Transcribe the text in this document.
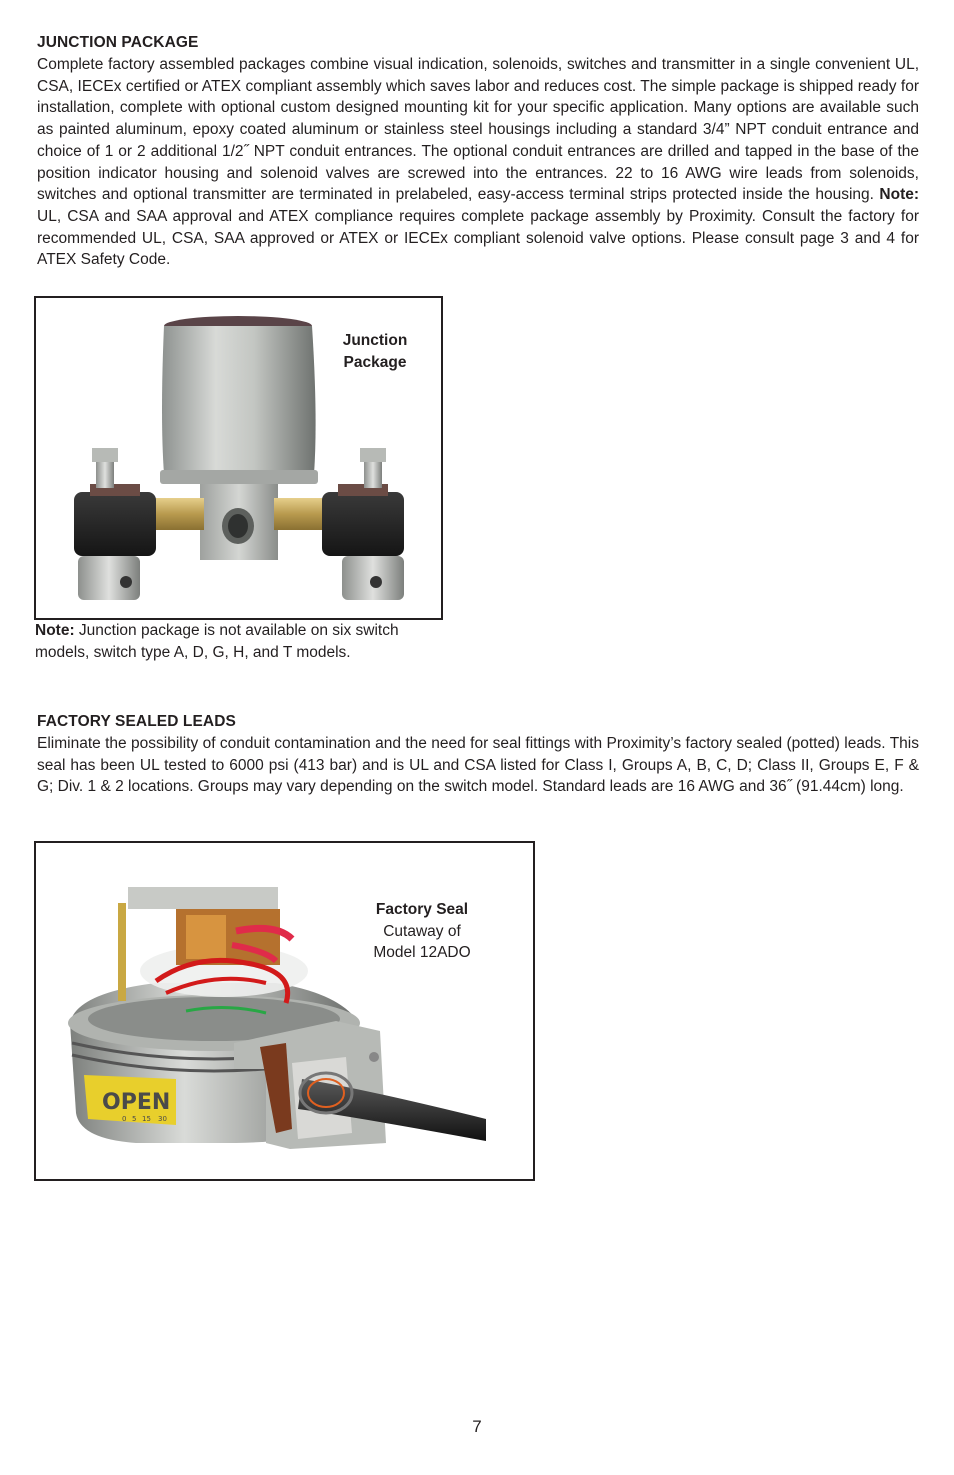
JUNCTION PACKAGE

Complete factory assembled packages combine visual indication, solenoids, switches and transmitter in a single convenient UL, CSA, IECEx certified or ATEX compliant assembly which saves labor and reduces cost. The simple package is shipped ready for installation, complete with optional custom designed mounting kit for your specific application. Many options are available such as painted aluminum, epoxy coated aluminum or stainless steel housings including a standard 3/4” NPT conduit entrance and choice of 1 or 2 additional 1/2˝ NPT conduit entrances. The optional conduit entrances are drilled and tapped in the base of the position indicator housing and solenoid valves are screwed into the entrances. 22 to 16 AWG wire leads from solenoids, switches and optional transmitter are terminated in prelabeled, easy-access terminal strips protected inside the housing. Note: UL, CSA and SAA approval and ATEX compliance requires complete package assembly by Proximity. Consult the factory for recommended UL, CSA, SAA approved or ATEX or IECEx compliant solenoid valve options. Please consult page 3 and 4 for ATEX Safety Code.

Junction
Package

Note: Junction package is not available on six switch models, switch type A, D, G, H, and T models.

FACTORY SEALED LEADS

Eliminate the possibility of conduit contamination and the need for seal fittings with Proximity’s factory sealed (potted) leads. This seal has been UL tested to 6000 psi (413 bar) and is UL and CSA listed for Class I, Groups A, B, C, D; Class II, Groups E, F & G; Div. 1 & 2 locations. Groups may vary depending on the switch model. Standard leads are 16 AWG and 36˝ (91.44cm) long.

OPEN
0 5 15 30
Factory Seal
Cutaway of
Model 12ADO
7
